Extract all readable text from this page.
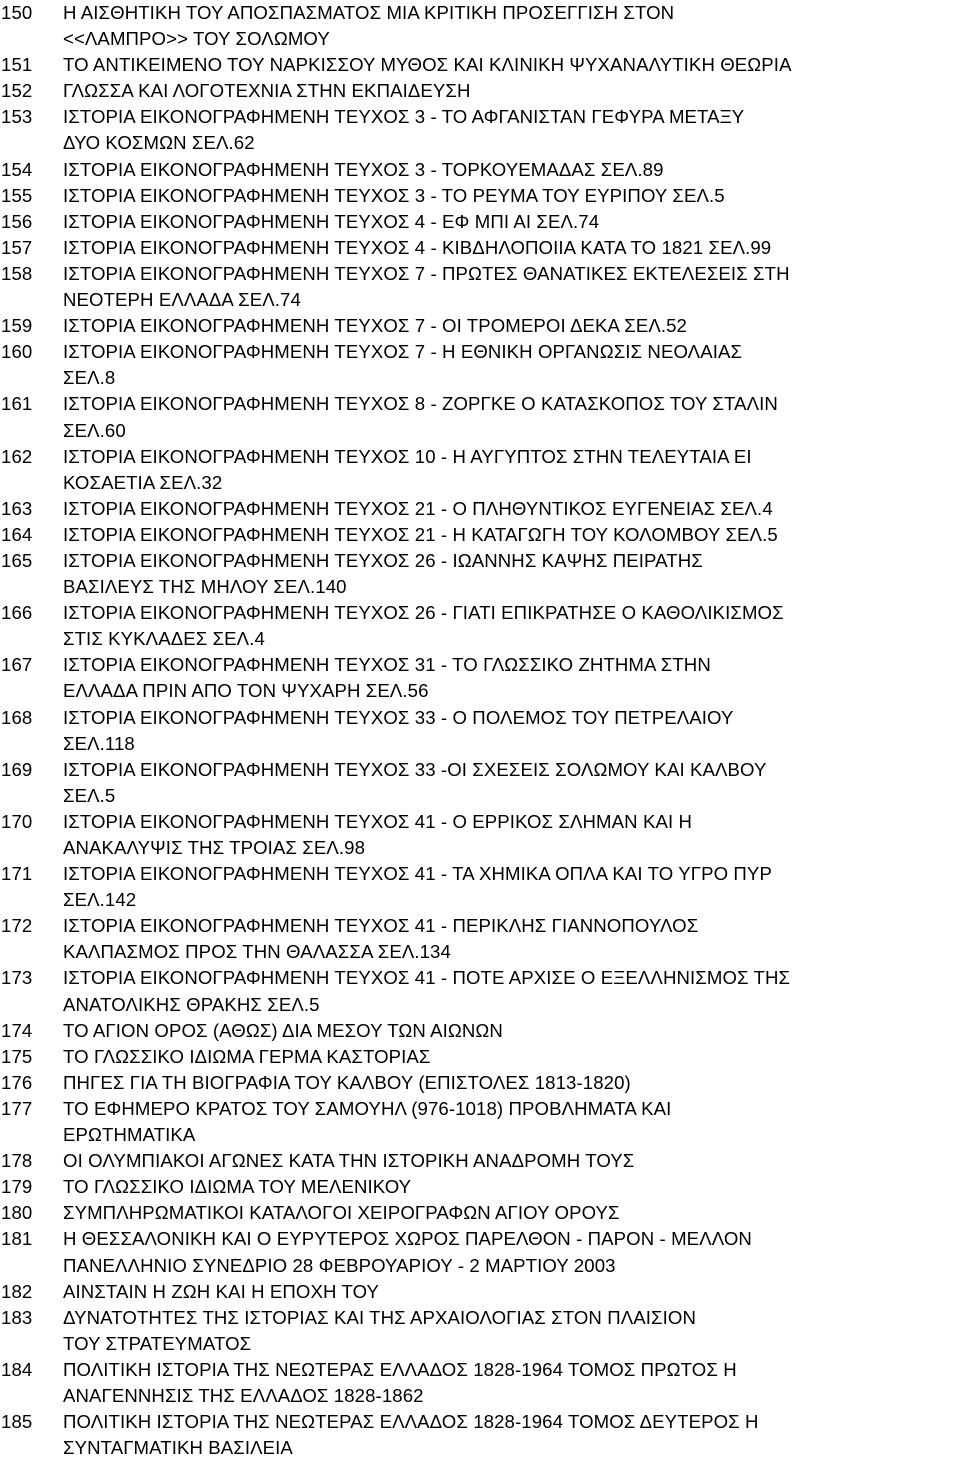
150	Η ΑΙΣΘΗΤΙΚΗ ΤΟΥ ΑΠΟΣΠΑΣΜΑΤΟΣ ΜΙΑ ΚΡΙΤΙΚΗ ΠΡΟΣΕΓΓΙΣΗ ΣΤΟΝ
<<ΛΑΜΠΡΟ>> ΤΟΥ ΣΟΛΩΜΟΥ
151	ΤΟ ΑΝΤΙΚΕΙΜΕΝΟ ΤΟΥ ΝΑΡΚΙΣΣΟΥ ΜΥΘΟΣ ΚΑΙ ΚΛΙΝΙΚΗ ΨΥΧΑΝΑΛΥΤΙΚΗ ΘΕΩΡΙΑ
152	ΓΛΩΣΣΑ ΚΑΙ ΛΟΓΟΤΕΧΝΙΑ ΣΤΗΝ ΕΚΠΑΙΔΕΥΣΗ
153	ΙΣΤΟΡΙΑ ΕΙΚΟΝΟΓΡΑΦΗΜΕΝΗ ΤΕΥΧΟΣ 3 - ΤΟ ΑΦΓΑΝΙΣΤΑΝ ΓΕΦΥΡΑ ΜΕΤΑΞΥ
ΔΥΟ ΚΟΣΜΩΝ ΣΕΛ.62
154	ΙΣΤΟΡΙΑ ΕΙΚΟΝΟΓΡΑΦΗΜΕΝΗ ΤΕΥΧΟΣ 3 - ΤΟΡΚΟΥΕΜΑΔΑΣ ΣΕΛ.89
155	ΙΣΤΟΡΙΑ ΕΙΚΟΝΟΓΡΑΦΗΜΕΝΗ ΤΕΥΧΟΣ 3 - ΤΟ ΡΕΥΜΑ ΤΟΥ ΕΥΡΙΠΟΥ ΣΕΛ.5
156	ΙΣΤΟΡΙΑ ΕΙΚΟΝΟΓΡΑΦΗΜΕΝΗ ΤΕΥΧΟΣ 4 - ΕΦ ΜΠΙ ΑΙ ΣΕΛ.74
157	ΙΣΤΟΡΙΑ ΕΙΚΟΝΟΓΡΑΦΗΜΕΝΗ ΤΕΥΧΟΣ 4 - ΚΙΒΔΗΛΟΠΟΙΙΑ ΚΑΤΑ ΤΟ 1821 ΣΕΛ.99
158	ΙΣΤΟΡΙΑ ΕΙΚΟΝΟΓΡΑΦΗΜΕΝΗ ΤΕΥΧΟΣ 7 - ΠΡΩΤΕΣ ΘΑΝΑΤΙΚΕΣ ΕΚΤΕΛΕΣΕΙΣ ΣΤΗ
ΝΕΟΤΕΡΗ ΕΛΛΑΔΑ ΣΕΛ.74
159	ΙΣΤΟΡΙΑ ΕΙΚΟΝΟΓΡΑΦΗΜΕΝΗ ΤΕΥΧΟΣ 7 - ΟΙ ΤΡΟΜΕΡΟΙ ΔΕΚΑ ΣΕΛ.52
160	ΙΣΤΟΡΙΑ ΕΙΚΟΝΟΓΡΑΦΗΜΕΝΗ ΤΕΥΧΟΣ 7 - Η ΕΘΝΙΚΗ ΟΡΓΑΝΩΣΙΣ ΝΕΟΛΑΙΑΣ
ΣΕΛ.8
161	ΙΣΤΟΡΙΑ ΕΙΚΟΝΟΓΡΑΦΗΜΕΝΗ ΤΕΥΧΟΣ 8 - ΖΟΡΓΚΕ Ο ΚΑΤΑΣΚΟΠΟΣ ΤΟΥ ΣΤΑΛΙΝ
ΣΕΛ.60
162	ΙΣΤΟΡΙΑ ΕΙΚΟΝΟΓΡΑΦΗΜΕΝΗ ΤΕΥΧΟΣ 10 - Η ΑΥΓΥΠΤΟΣ ΣΤΗΝ ΤΕΛΕΥΤΑΙΑ ΕΙ
ΚΟΣΑΕΤΙΑ ΣΕΛ.32
163	ΙΣΤΟΡΙΑ ΕΙΚΟΝΟΓΡΑΦΗΜΕΝΗ ΤΕΥΧΟΣ 21 - Ο ΠΛΗΘΥΝΤΙΚΟΣ ΕΥΓΕΝΕΙΑΣ ΣΕΛ.4
164	ΙΣΤΟΡΙΑ ΕΙΚΟΝΟΓΡΑΦΗΜΕΝΗ ΤΕΥΧΟΣ 21 - Η ΚΑΤΑΓΩΓΗ ΤΟΥ ΚΟΛΟΜΒΟΥ ΣΕΛ.5
165	ΙΣΤΟΡΙΑ ΕΙΚΟΝΟΓΡΑΦΗΜΕΝΗ ΤΕΥΧΟΣ 26 - ΙΩΑΝΝΗΣ ΚΑΨΗΣ ΠΕΙΡΑΤΗΣ
ΒΑΣΙΛΕΥΣ ΤΗΣ ΜΗΛΟΥ ΣΕΛ.140
166	ΙΣΤΟΡΙΑ ΕΙΚΟΝΟΓΡΑΦΗΜΕΝΗ ΤΕΥΧΟΣ 26 - ΓΙΑΤΙ ΕΠΙΚΡΑΤΗΣΕ Ο ΚΑΘΟΛΙΚΙΣΜΟΣ
ΣΤΙΣ ΚΥΚΛΑΔΕΣ ΣΕΛ.4
167	ΙΣΤΟΡΙΑ ΕΙΚΟΝΟΓΡΑΦΗΜΕΝΗ ΤΕΥΧΟΣ 31 - ΤΟ ΓΛΩΣΣΙΚΟ ΖΗΤΗΜΑ ΣΤΗΝ
ΕΛΛΑΔΑ ΠΡΙΝ ΑΠΟ ΤΟΝ ΨΥΧΑΡΗ ΣΕΛ.56
168	ΙΣΤΟΡΙΑ ΕΙΚΟΝΟΓΡΑΦΗΜΕΝΗ ΤΕΥΧΟΣ 33 - Ο ΠΟΛΕΜΟΣ ΤΟΥ ΠΕΤΡΕΛΑΙΟΥ
ΣΕΛ.118
169	ΙΣΤΟΡΙΑ ΕΙΚΟΝΟΓΡΑΦΗΜΕΝΗ ΤΕΥΧΟΣ 33 -ΟΙ ΣΧΕΣΕΙΣ ΣΟΛΩΜΟΥ ΚΑΙ ΚΑΛΒΟΥ
ΣΕΛ.5
170	ΙΣΤΟΡΙΑ ΕΙΚΟΝΟΓΡΑΦΗΜΕΝΗ ΤΕΥΧΟΣ 41 - Ο ΕΡΡΙΚΟΣ ΣΛΗΜΑΝ ΚΑΙ Η
ΑΝΑΚΑΛΥΨΙΣ ΤΗΣ ΤΡΟΙΑΣ ΣΕΛ.98
171	ΙΣΤΟΡΙΑ ΕΙΚΟΝΟΓΡΑΦΗΜΕΝΗ ΤΕΥΧΟΣ 41 - ΤΑ ΧΗΜΙΚΑ ΟΠΛΑ ΚΑΙ ΤΟ ΥΓΡΟ ΠΥΡ
ΣΕΛ.142
172	ΙΣΤΟΡΙΑ ΕΙΚΟΝΟΓΡΑΦΗΜΕΝΗ ΤΕΥΧΟΣ 41 - ΠΕΡΙΚΛΗΣ ΓΙΑΝΝΟΠΟΥΛΟΣ
ΚΑΛΠΑΣΜΟΣ ΠΡΟΣ ΤΗΝ ΘΑΛΑΣΣΑ ΣΕΛ.134
173	ΙΣΤΟΡΙΑ ΕΙΚΟΝΟΓΡΑΦΗΜΕΝΗ ΤΕΥΧΟΣ 41 - ΠΟΤΕ ΑΡΧΙΣΕ Ο ΕΞΕΛΛΗΝΙΣΜΟΣ ΤΗΣ
ΑΝΑΤΟΛΙΚΗΣ ΘΡΑΚΗΣ ΣΕΛ.5
174	ΤΟ ΑΓΙΟΝ ΟΡΟΣ (ΑΘΩΣ) ΔΙΑ ΜΕΣΟΥ ΤΩΝ ΑΙΩΝΩΝ
175	ΤΟ ΓΛΩΣΣΙΚΟ ΙΔΙΩΜΑ ΓΕΡΜΑ ΚΑΣΤΟΡΙΑΣ
176	ΠΗΓΕΣ ΓΙΑ ΤΗ ΒΙΟΓΡΑΦΙΑ ΤΟΥ ΚΑΛΒΟΥ (ΕΠΙΣΤΟΛΕΣ 1813-1820)
177	ΤΟ ΕΦΗΜΕΡΟ ΚΡΑΤΟΣ ΤΟΥ ΣΑΜΟΥΗΛ (976-1018) ΠΡΟΒΛΗΜΑΤΑ ΚΑΙ
ΕΡΩΤΗΜΑΤΙΚΑ
178	ΟΙ ΟΛΥΜΠΙΑΚΟΙ ΑΓΩΝΕΣ ΚΑΤΑ ΤΗΝ ΙΣΤΟΡΙΚΗ ΑΝΑΔΡΟΜΗ ΤΟΥΣ
179	ΤΟ ΓΛΩΣΣΙΚΟ ΙΔΙΩΜΑ ΤΟΥ ΜΕΛΕΝΙΚΟΥ
180	ΣΥΜΠΛΗΡΩΜΑΤΙΚΟΙ ΚΑΤΑΛΟΓΟΙ ΧΕΙΡΟΓΡΑΦΩΝ ΑΓΙΟΥ ΟΡΟΥΣ
181	Η ΘΕΣΣΑΛΟΝΙΚΗ ΚΑΙ Ο ΕΥΡΥΤΕΡΟΣ ΧΩΡΟΣ ΠΑΡΕΛΘΟΝ - ΠΑΡΟΝ - ΜΕΛΛΟΝ
ΠΑΝΕΛΛΗΝΙΟ ΣΥΝΕΔΡΙΟ 28 ΦΕΒΡΟΥΑΡΙΟΥ - 2 ΜΑΡΤΙΟΥ 2003
182	ΑΙΝΣΤΑΙΝ Η ΖΩΗ ΚΑΙ Η ΕΠΟΧΗ ΤΟΥ
183	ΔΥΝΑΤΟΤΗΤΕΣ ΤΗΣ ΙΣΤΟΡΙΑΣ ΚΑΙ ΤΗΣ ΑΡΧΑΙΟΛΟΓΙΑΣ ΣΤΟΝ ΠΛΑΙΣΙΟΝ
ΤΟΥ ΣΤΡΑΤΕΥΜΑΤΟΣ
184	ΠΟΛΙΤΙΚΗ ΙΣΤΟΡΙΑ ΤΗΣ ΝΕΩΤΕΡΑΣ ΕΛΛΑΔΟΣ 1828-1964 ΤΟΜΟΣ ΠΡΩΤΟΣ Η
ΑΝΑΓΕΝΝΗΣΙΣ ΤΗΣ ΕΛΛΑΔΟΣ 1828-1862
185	ΠΟΛΙΤΙΚΗ ΙΣΤΟΡΙΑ ΤΗΣ ΝΕΩΤΕΡΑΣ ΕΛΛΑΔΟΣ 1828-1964 ΤΟΜΟΣ ΔΕΥΤΕΡΟΣ Η
ΣΥΝΤΑΓΜΑΤΙΚΗ ΒΑΣΙΛΕΙΑ
